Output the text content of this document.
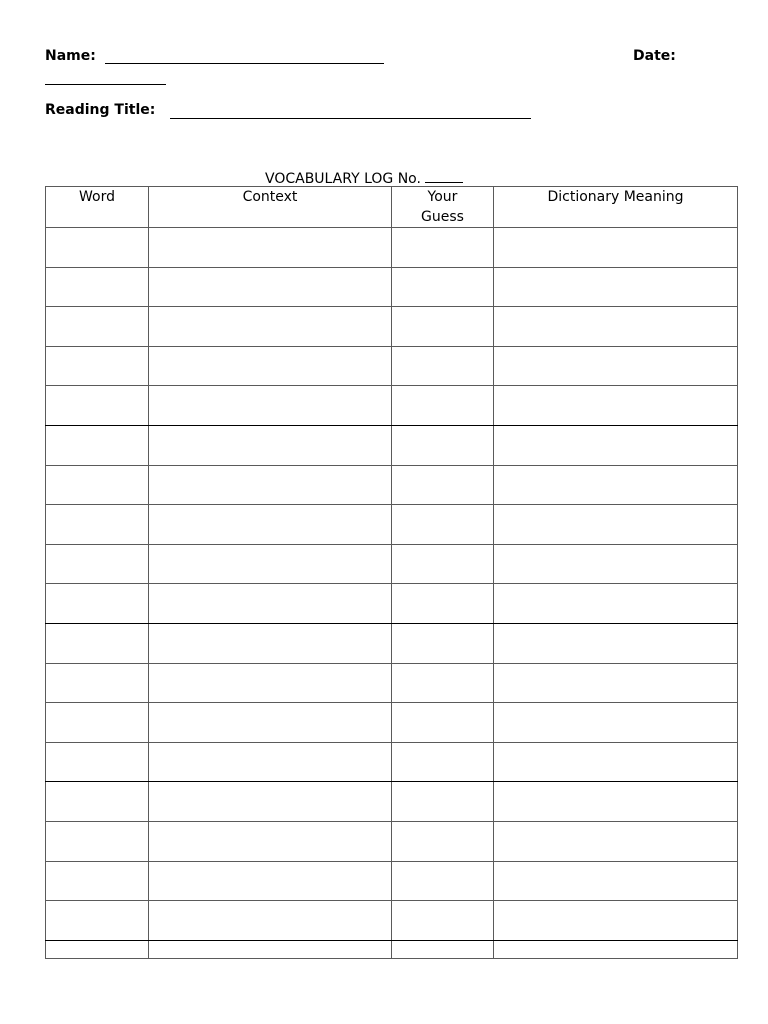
Name:	Date:
Reading Title:
VOCABULARY LOG No.
Word	Context	Your Guess	Dictionary Meaning
